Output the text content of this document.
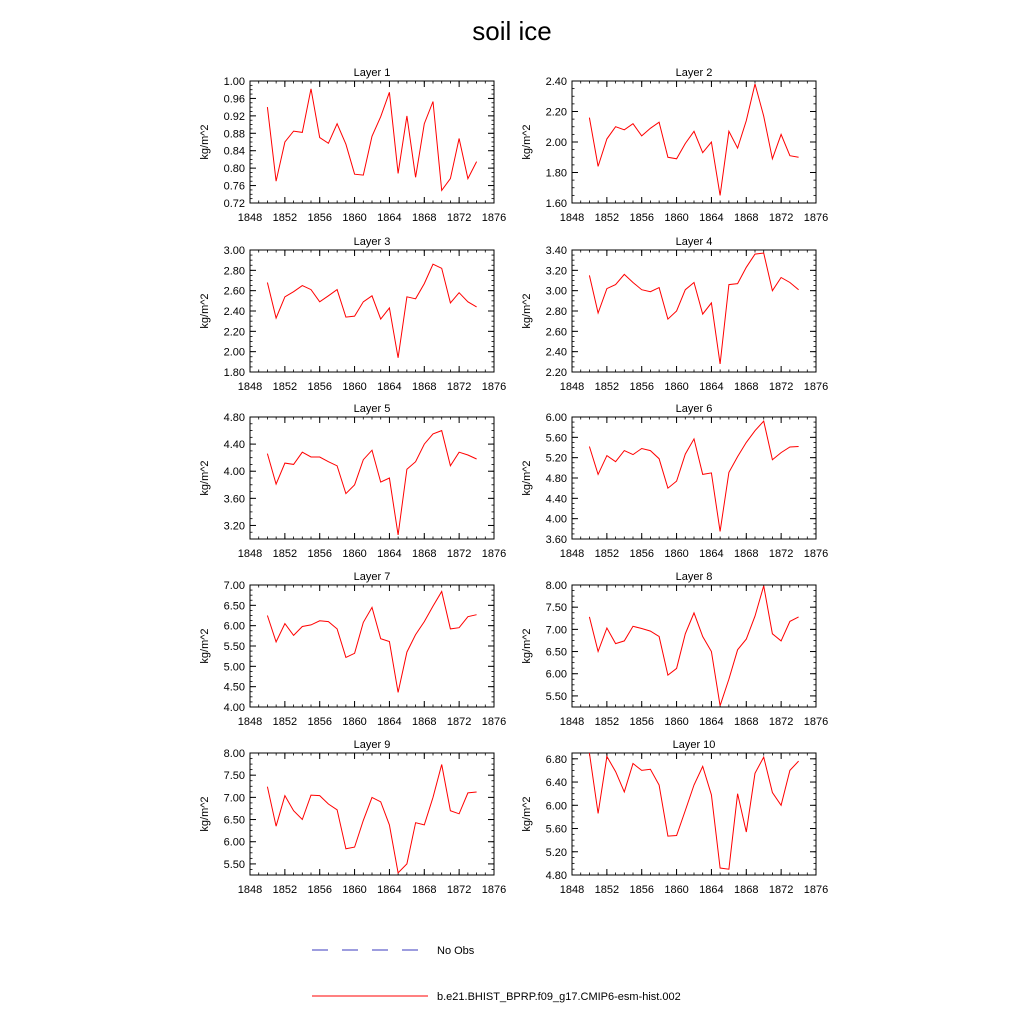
soil ice
Layer 1
kg/m^2
1848 1852 1856 1860 1864 1868 1872 1876
0.72
0.76
0.80
0.84
0.88
0.92
0.96
1.00
Layer 2
kg/m^2
1848 1852 1856 1860 1864 1868 1872 1876
1.60
1.80
2.00
2.20
2.40
Layer 3
kg/m^2
1848 1852 1856 1860 1864 1868 1872 1876
1.80
2.00
2.20
2.40
2.60
2.80
3.00
Layer 4
kg/m^2
1848 1852 1856 1860 1864 1868 1872 1876
2.20
2.40
2.60
2.80
3.00
3.20
3.40
Layer 5
kg/m^2
1848 1852 1856 1860 1864 1868 1872 1876
3.20
3.60
4.00
4.40
4.80
Layer 6
kg/m^2
1848 1852 1856 1860 1864 1868 1872 1876
3.60
4.00
4.40
4.80
5.20
5.60
6.00
Layer 7
kg/m^2
1848 1852 1856 1860 1864 1868 1872 1876
4.00
4.50
5.00
5.50
6.00
6.50
7.00
Layer 8
kg/m^2
1848 1852 1856 1860 1864 1868 1872 1876
5.50
6.00
6.50
7.00
7.50
8.00
Layer 9
kg/m^2
1848 1852 1856 1860 1864 1868 1872 1876
5.50
6.00
6.50
7.00
7.50
8.00
Layer 10
kg/m^2
1848 1852 1856 1860 1864 1868 1872 1876
4.80
5.20
5.60
6.00
6.40
6.80
No Obs
b.e21.BHIST_BPRP.f09_g17.CMIP6-esm-hist.002
